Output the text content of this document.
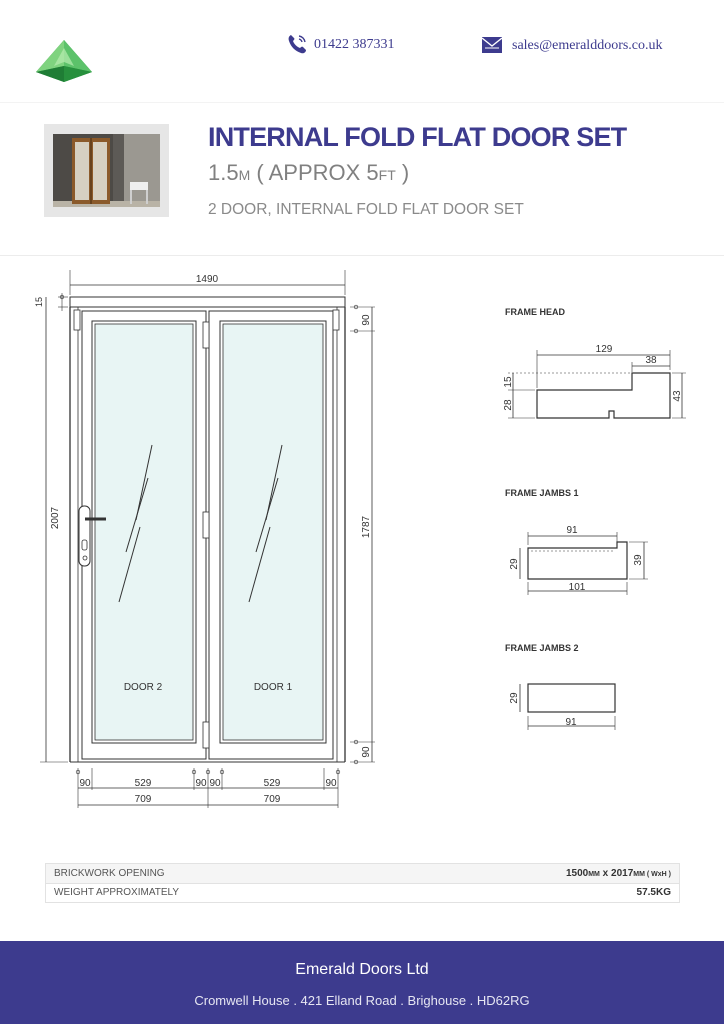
01422 387331	sales@emeralddoors.co.uk
INTERNAL FOLD FLAT DOOR SET
1.5M ( APPROX 5FT )
2 DOOR, INTERNAL FOLD FLAT DOOR SET
1490
15
DOOR 2	DOOR 1
2007
90
1787
90
90	529	90 90	529	90
709	709
FRAME HEAD
129
38
15
28
43
FRAME JAMBS 1
91
101
29	39
FRAME JAMBS 2
29
91
BRICKWORK OPENING	1500MM x 2017MM ( WxH )
WEIGHT APPROXIMATELY	57.5KG
Emerald Doors Ltd
Cromwell House . 421 Elland Road . Brighouse . HD62RG
